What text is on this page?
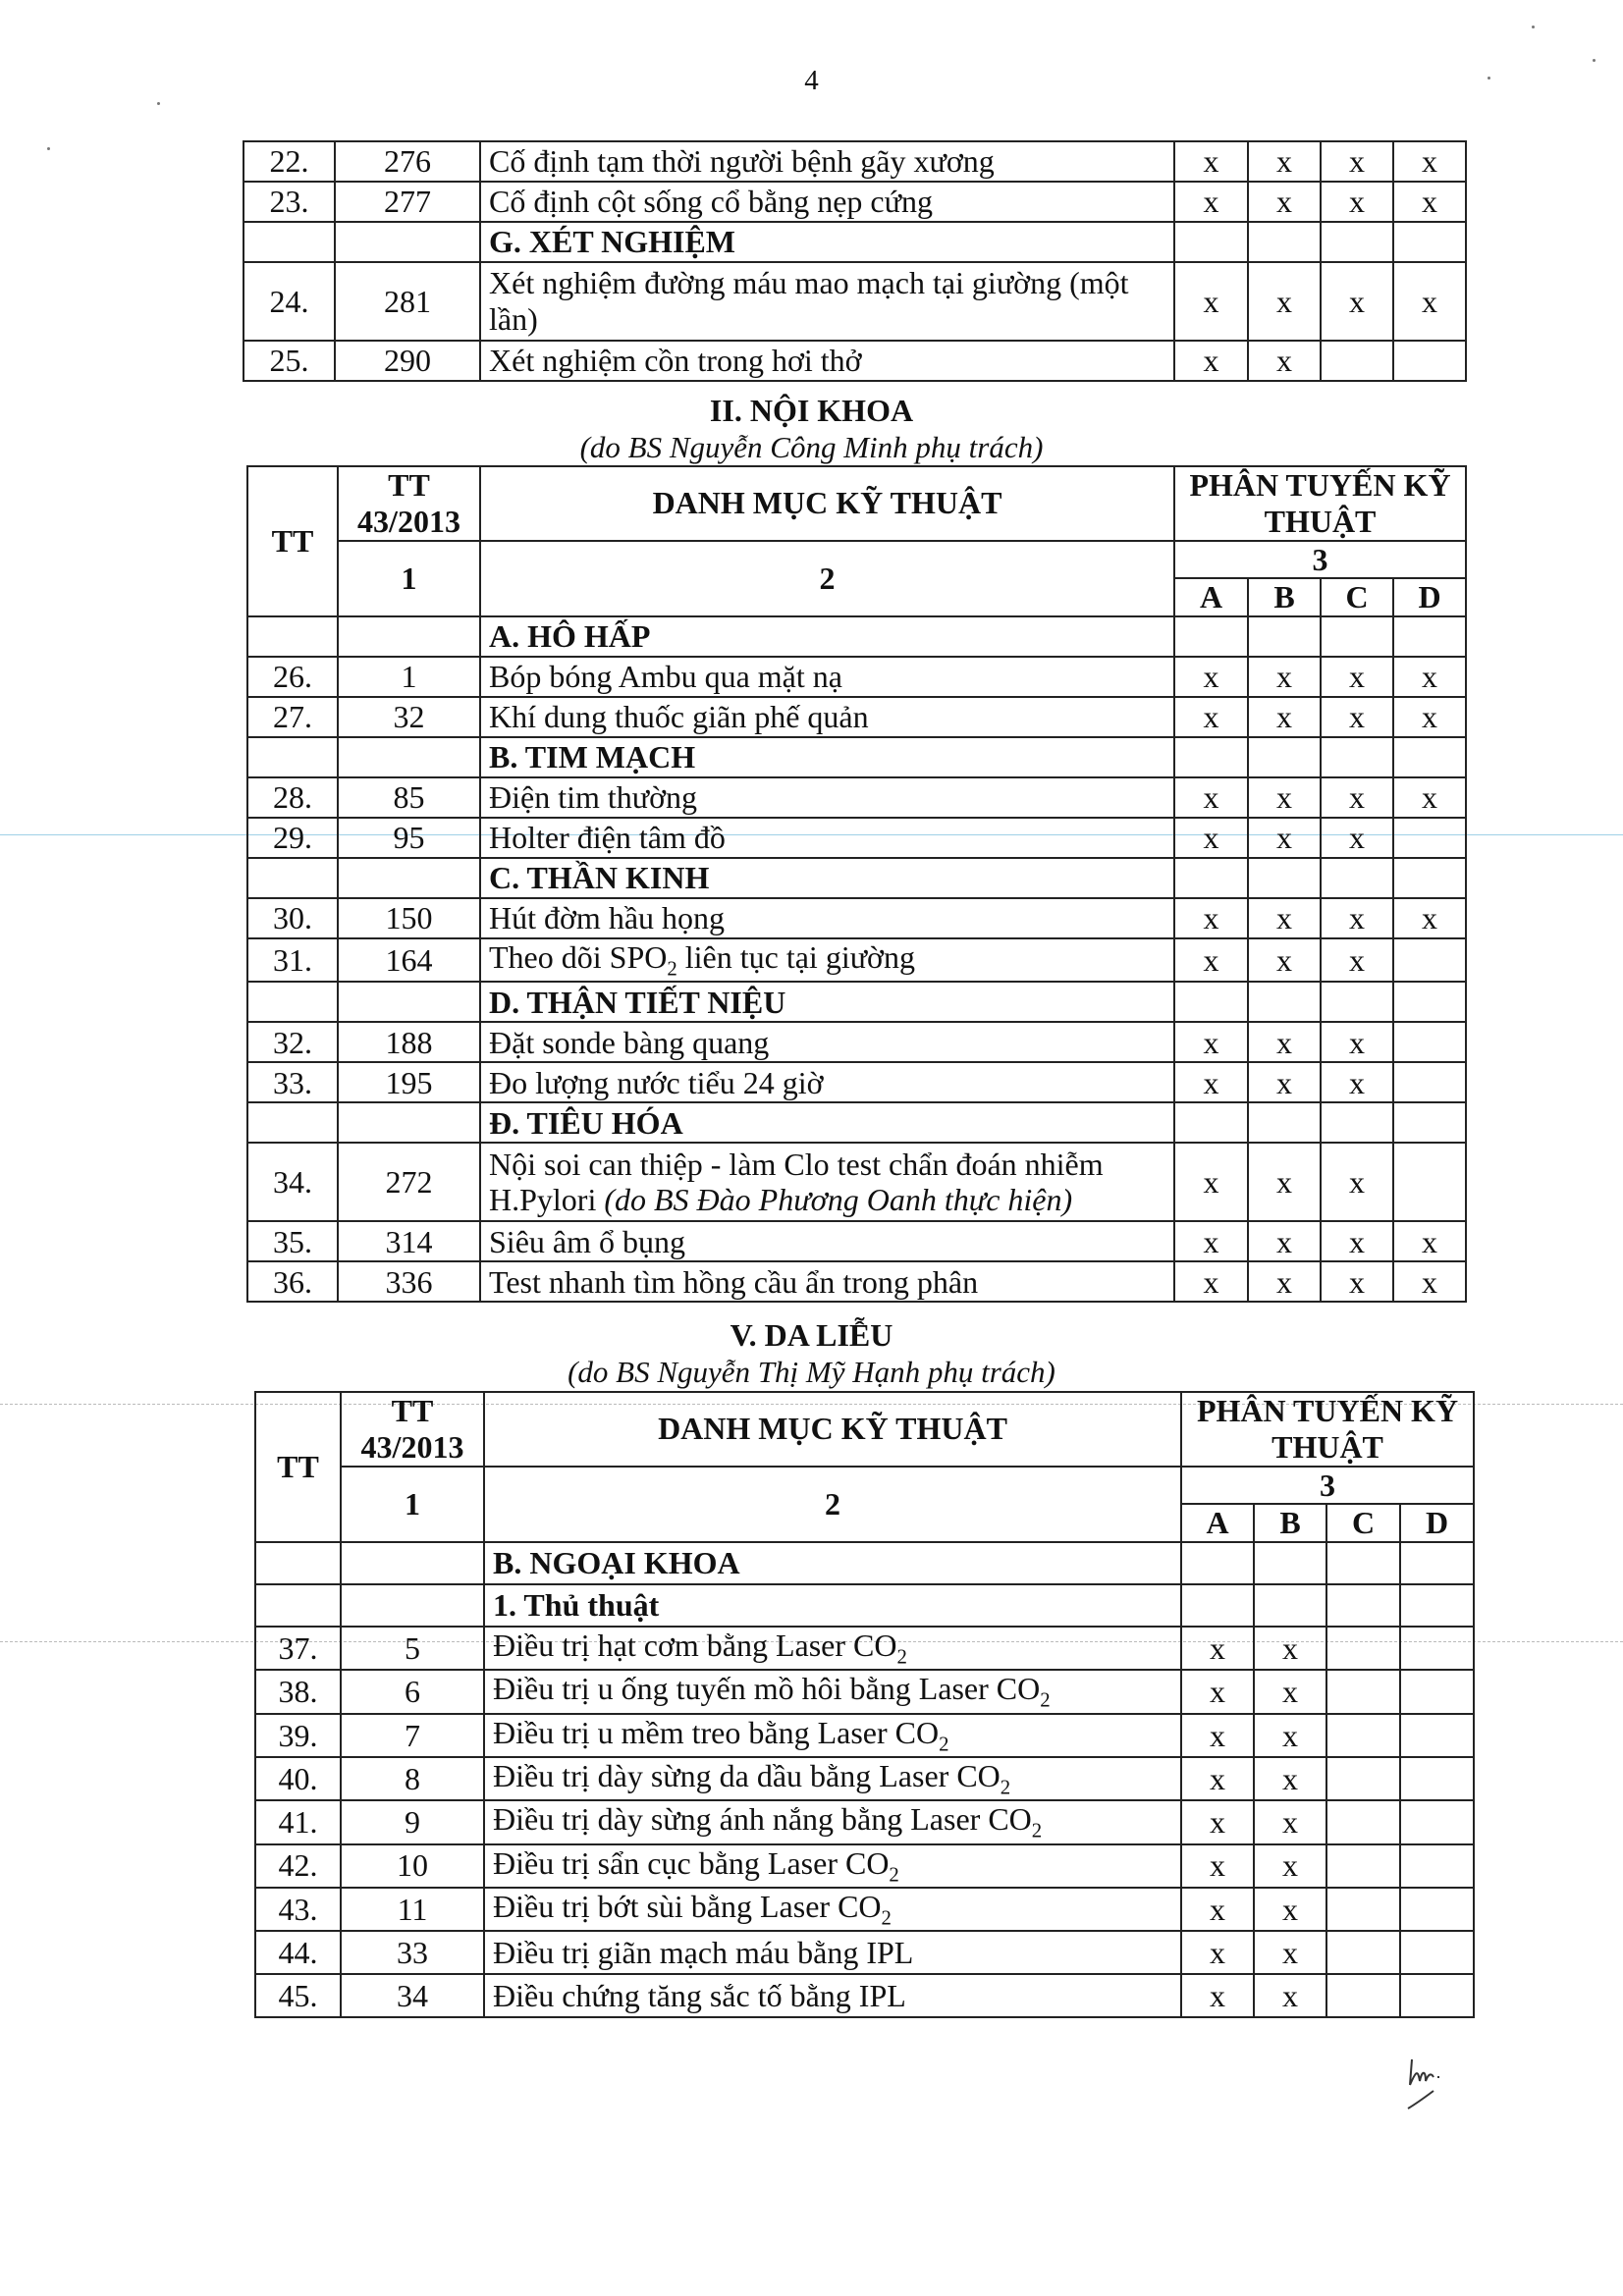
4
22.	276	Cố định tạm thời người bệnh gãy xương	x	x	x	x
23.	277	Cố định cột sống cổ bằng nẹp cứng	x	x	x	x
		G. XÉT NGHIỆM				
24.	281	Xét nghiệm đường máu mao mạch tại giường (một lần)	x	x	x	x
25.	290	Xét nghiệm cồn trong hơi thở	x	x		
II. NỘI KHOA
(do BS Nguyễn Công Minh phụ trách)
TT	TT 43/2013	DANH MỤC KỸ THUẬT	PHÂN TUYẾN KỸ THUẬT			
	1	2	3			
			A	B	C	D
		A. HÔ HẤP				
26.	1	Bóp bóng Ambu qua mặt nạ	x	x	x	x
27.	32	Khí dung thuốc giãn phế quản	x	x	x	x
		B. TIM MẠCH				
28.	85	Điện tim thường	x	x	x	x
29.	95	Holter điện tâm đồ	x	x	x	
		C. THẦN KINH				
30.	150	Hút đờm hầu họng	x	x	x	x
31.	164	Theo dõi $SPO_2$ liên tục tại giường	x	x	x	
		D. THẬN TIẾT NIỆU				
32.	188	Đặt sonde bàng quang	x	x	x	
33.	195	Đo lượng nước tiểu 24 giờ	x	x	x	
		Đ. TIÊU HÓA				
34.	272	Nội soi can thiệp - làm Clo test chẩn đoán nhiễm H.Pylori (do BS Đào Phương Oanh thực hiện)	x	x	x	
35.	314	Siêu âm ổ bụng	x	x	x	x
36.	336	Test nhanh tìm hồng cầu ẩn trong phân	x	x	x	x
V. DA LIỄU
(do BS Nguyễn Thị Mỹ Hạnh phụ trách)
TT	TT 43/2013	DANH MỤC KỸ THUẬT	PHÂN TUYẾN KỸ THUẬT			
	1	2	3			
			A	B	C	D
		B. NGOẠI KHOA				
		1. Thủ thuật				
37.	5	Điều trị hạt cơm bằng Laser $CO_2$	x	x		
38.	6	Điều trị u ống tuyến mồ hôi bằng Laser $CO_2$	x	x		
39.	7	Điều trị u mềm treo bằng Laser $CO_2$	x	x		
40.	8	Điều trị dày sừng da dầu bằng Laser $CO_2$	x	x		
41.	9	Điều trị dày sừng ánh nắng bằng Laser $CO_2$	x	x		
42.	10	Điều trị sẩn cục bằng Laser $CO_2$	x	x		
43.	11	Điều trị bớt sùi bằng Laser $CO_2$	x	x		
44.	33	Điều trị giãn mạch máu bằng IPL	x	x		
45.	34	Điều chứng tăng sắc tố bằng IPL	x	x		
